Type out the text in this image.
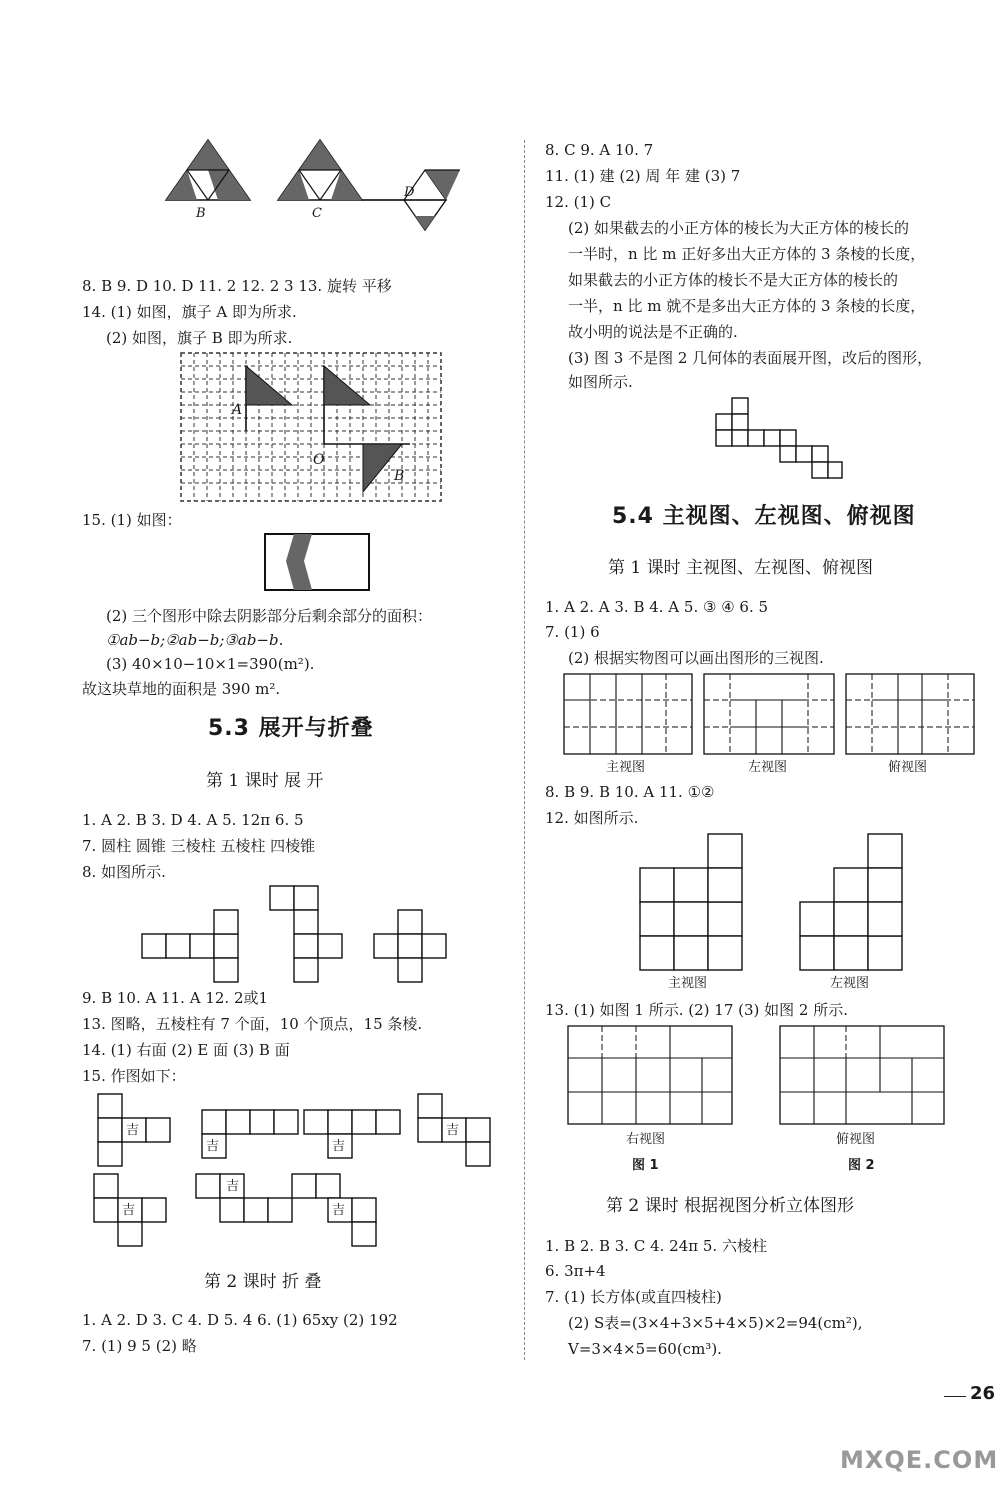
B	C
D
8. B 9. D 10. D 11. 2 12. 2 3 13. 旋转 平移
14. (1) 如图，旗子 A 即为所求.
(2) 如图，旗子 B 即为所求.
A
O
B
15. (1) 如图：
(2) 三个图形中除去阴影部分后剩余部分的面积：
①ab−b;②ab−b;③ab−b.
(3) 40×10−10×1=390(m²).
故这块草地的面积是 390 m².
5.3 展开与折叠
第 1 课时 展 开
1. A 2. B 3. D 4. A 5. 12π 6. 5
7. 圆柱 圆锥 三棱柱 五棱柱 四棱锥
8. 如图所示.
9. B 10. A 11. A 12. 2或1
13. 图略，五棱柱有 7 个面，10 个顶点，15 条棱.
14. (1) 右面 (2) E 面 (3) B 面
15. 作图如下：
吉
吉	吉
吉
吉
吉
吉
第 2 课时 折 叠
1. A 2. D 3. C 4. D 5. 4 6. (1) 65xy (2) 192
7. (1) 9 5 (2) 略
8. C 9. A 10. 7
11. (1) 建 (2) 周 年 建 (3) 7
12. (1) C
(2) 如果截去的小正方体的棱长为大正方体的棱长的
一半时，n 比 m 正好多出大正方体的 3 条棱的长度，
如果截去的小正方体的棱长不是大正方体的棱长的
一半，n 比 m 就不是多出大正方体的 3 条棱的长度，
故小明的说法是不正确的.
(3) 图 3 不是图 2 几何体的表面展开图，改后的图形，
如图所示.
5.4 主视图、左视图、俯视图
第 1 课时 主视图、左视图、俯视图
1. A 2. A 3. B 4. A 5. ③ ④ 6. 5
7. (1) 6
(2) 根据实物图可以画出图形的三视图.
主视图	左视图	俯视图
8. B 9. B 10. A 11. ①②
12. 如图所示.
主视图	左视图
13. (1) 如图 1 所示. (2) 17 (3) 如图 2 所示.
右视图	俯视图
图 1	图 2
第 2 课时 根据视图分析立体图形
1. B 2. B 3. C 4. 24π 5. 六棱柱
6. 3π+4
7. (1) 长方体(或直四棱柱)
(2) S表=(3×4+3×5+4×5)×2=94(cm²),
V=3×4×5=60(cm³).
26
MXQE.COM
